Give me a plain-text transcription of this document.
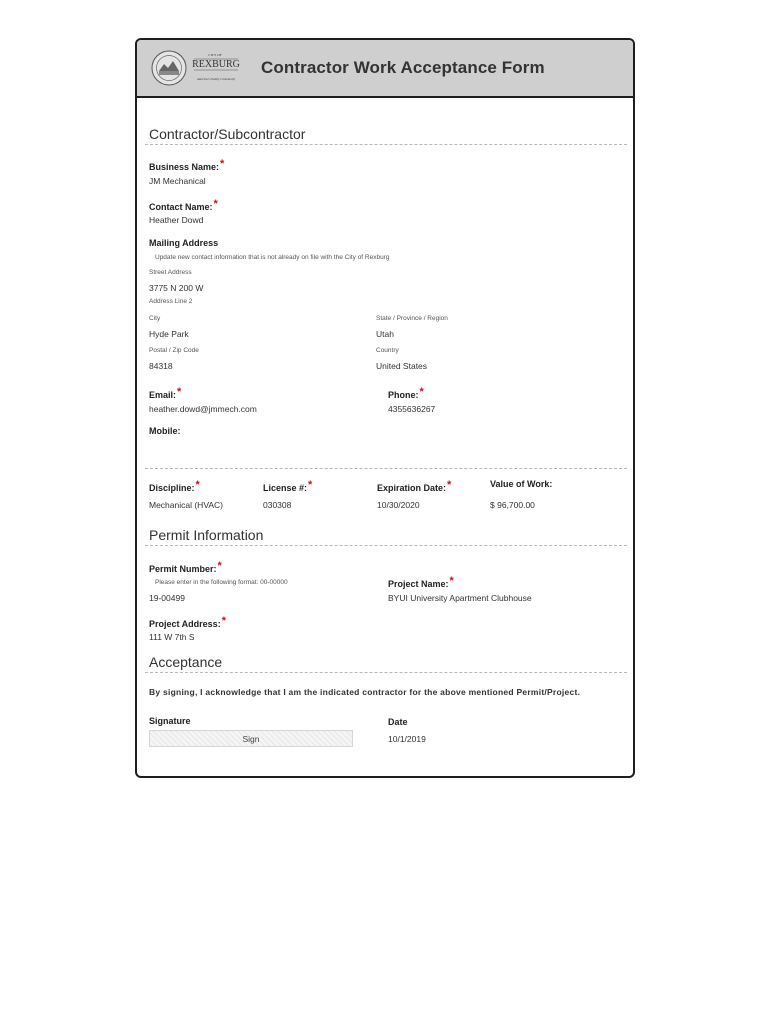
CITY OF
REXBURG
America's Family Community
Contractor Work Acceptance Form
Contractor/Subcontractor
Business Name:*
JM Mechanical
Contact Name:*
Heather Dowd
Mailing Address
Update new contact information that is not already on file with the City of Rexburg
Street Address
3775 N 200 W
Address Line 2
City
Hyde Park
State / Province / Region
Utah
Postal / Zip Code
84318
Country
United States
Email:*
heather.dowd@jmmech.com
Phone:*
4355636267
Mobile:
Discipline:*
Mechanical (HVAC)
License #:*
030308
Expiration Date:*
10/30/2020
Value of Work:
$ 96,700.00
Permit Information
Permit Number:*
Please enter in the following format: 00-00000
19-00499
Project Name:*
BYUI University Apartment Clubhouse
Project Address:*
111 W 7th S
Acceptance
By signing, I acknowledge that I am the indicated contractor for the above mentioned Permit/Project.
Signature
Sign
Date
10/1/2019
